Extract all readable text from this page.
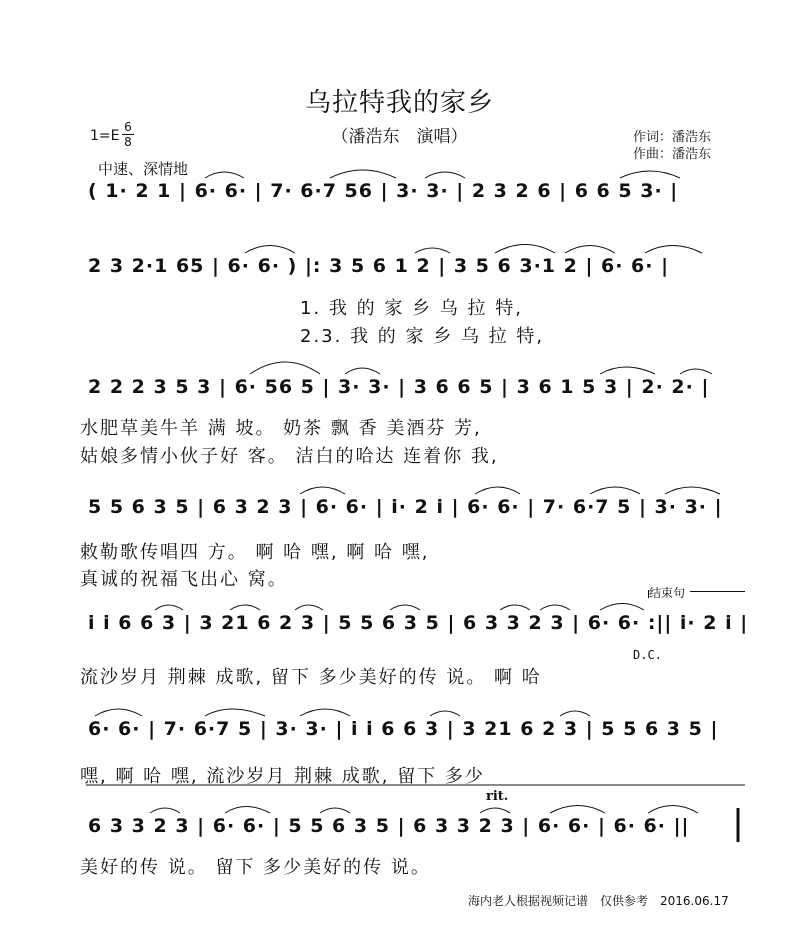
乌拉特我的家乡
（潘浩东　演唱）
$1=E \frac{6}{8}$	作词：潘浩东
作曲：潘浩东
中速、深情地
( 1· 2 1 | 6· 6· | 7· 6·7 56 | 3· 3· | 2 3 2 6 | 6 6 5 3· |
2 3 2·1 65 | 6· 6· ) |: 3 5 6 1 2 | 3 5 6 3·1 2 | 6· 6· |
2 2 2 3 5 3 | 6· 56 5 | 3· 3· | 3 6 6 5 | 3 6 1 5 3 | 2· 2· |
5 5 6 3 5 | 6 3 2 3 | 6· 6· | i· 2 i | 6· 6· | 7· 6·7 5 | 3· 3· |
i i 6 6 3 | 3 21 6 2 3 | 5 5 6 3 5 | 6 3 3 2 3 | 6· 6· :|| i· 2 i |
6· 6· | 7· 6·7 5 | 3· 3· | i i 6 6 3 | 3 21 6 2 3 | 5 5 6 3 5 |
6 3 3 2 3 | 6· 6· | 5 5 6 3 5 | 6 3 3 2 3 | 6· 6· | 6· 6· ||
1. 我 的 家 乡 乌 拉 特,
2.3. 我 的 家 乡 乌 拉 特,
水肥草美牛羊 满 坡。 奶茶 飘 香 美酒芬 芳,
姑娘多情小伙子好 客。 洁白的哈达 连着你 我,
敕勒歌传唱四 方。 啊 哈 嘿, 啊 哈 嘿,
真诚的祝福飞出心 窝。
流沙岁月 荆棘 成歌, 留下 多少美好的传 说。 啊 哈
嘿, 啊 哈 嘿, 流沙岁月 荆棘 成歌, 留下 多少
美好的传 说。 留下 多少美好的传 说。
结束句
D.C.
rit.
海内老人根据视频记谱　仅供参考　2016.06.17
